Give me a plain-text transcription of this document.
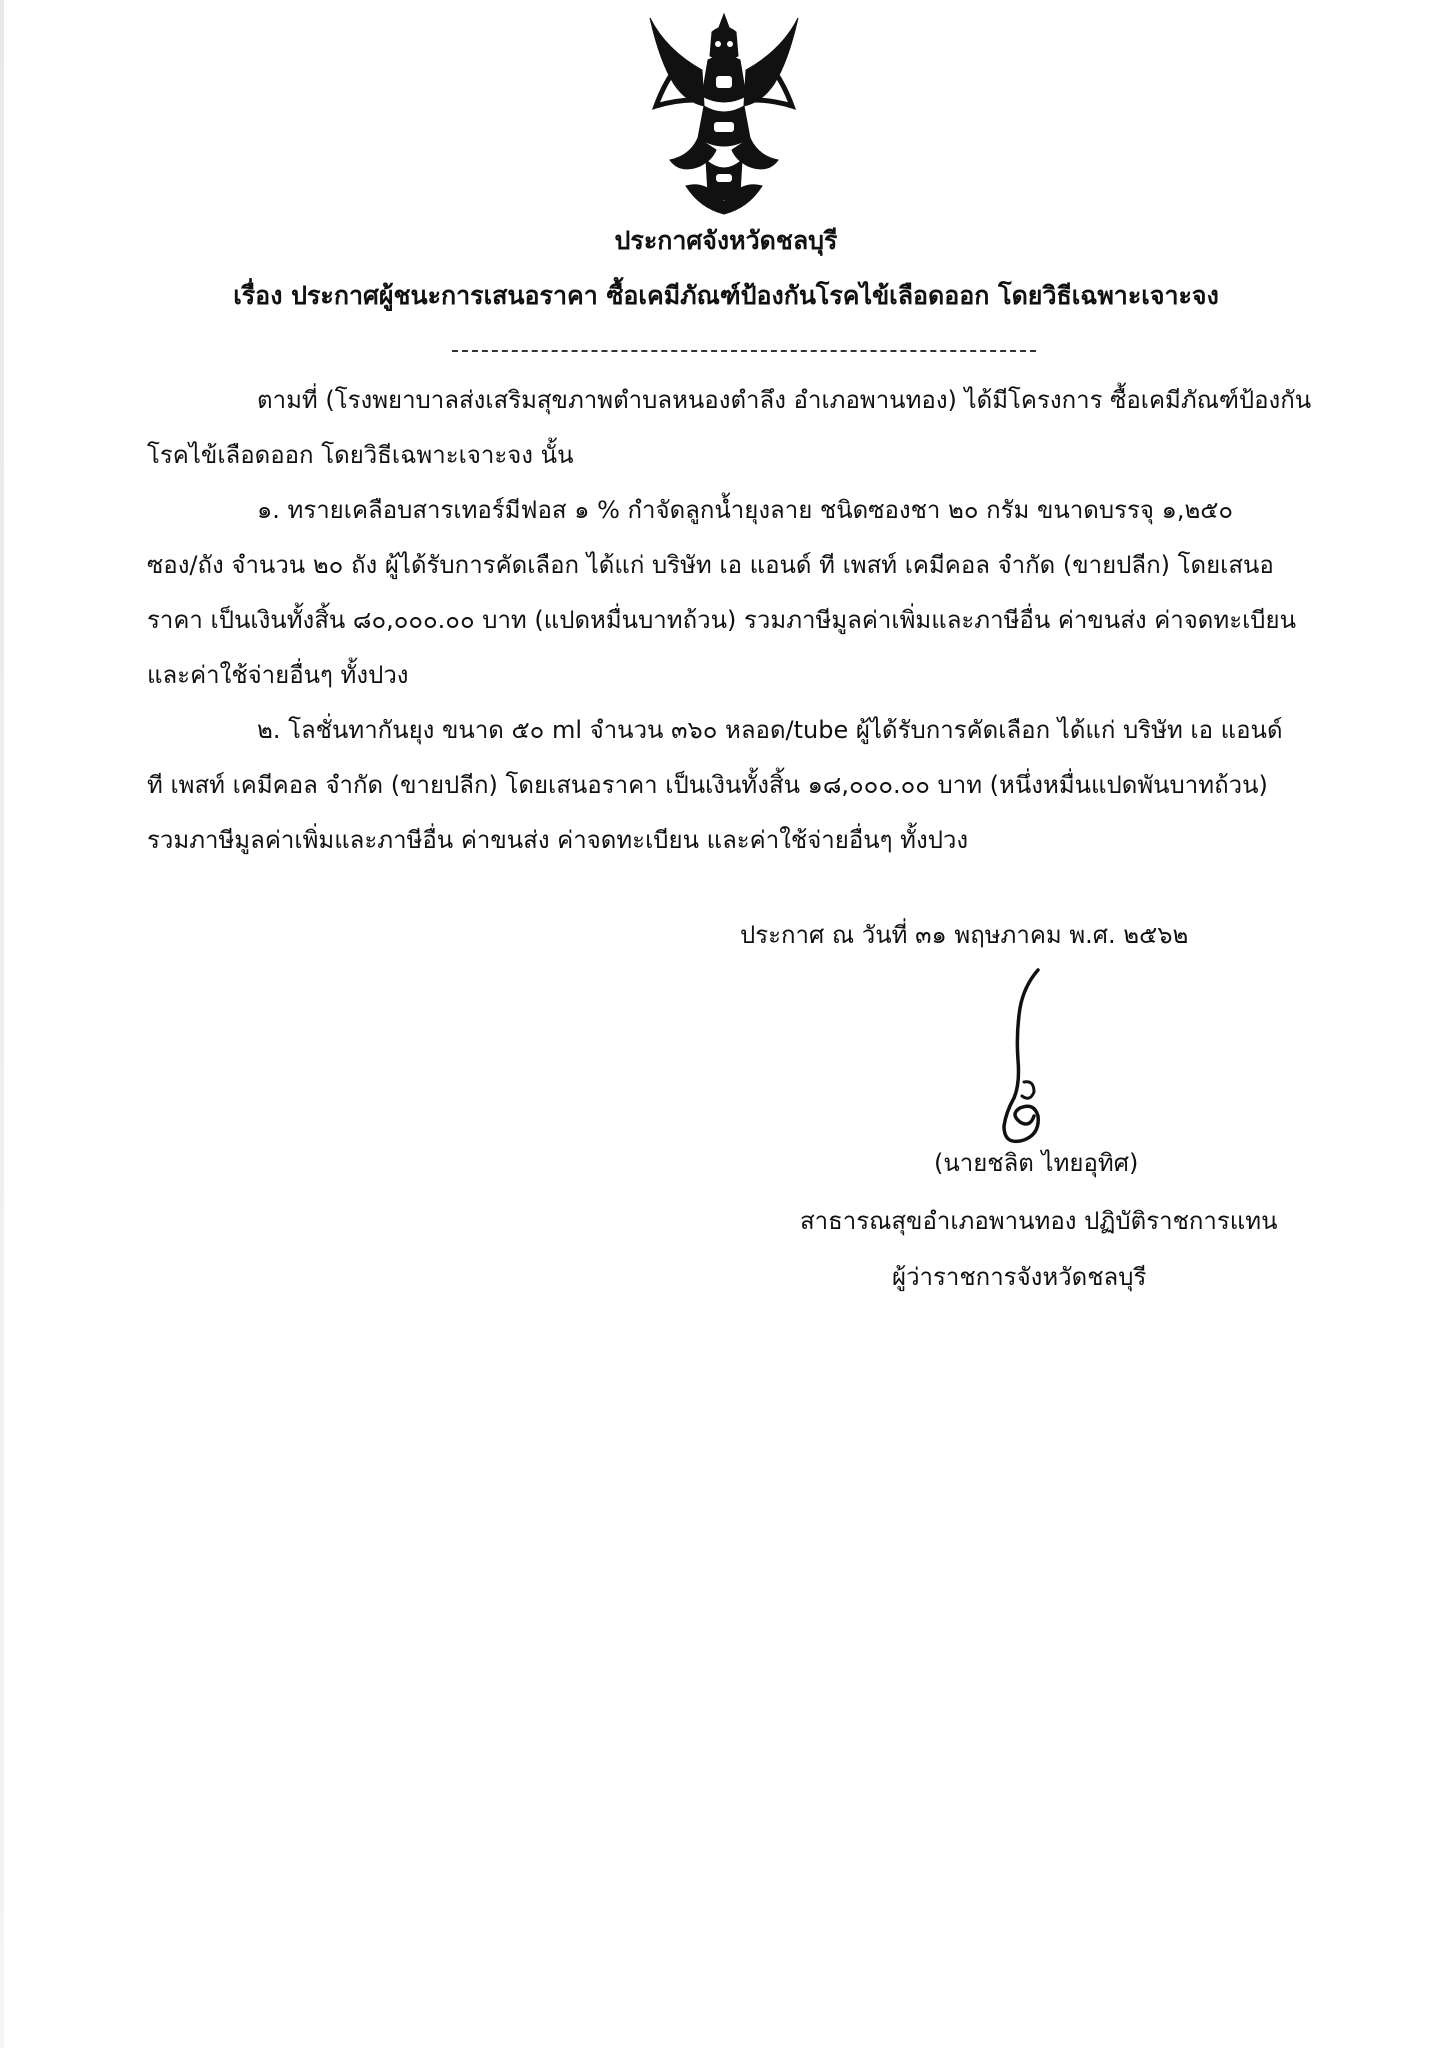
ประกาศจังหวัดชลบุรี
เรื่อง ประกาศผู้ชนะการเสนอราคา ซื้อเคมีภัณฑ์ป้องกันโรคไข้เลือดออก โดยวิธีเฉพาะเจาะจง
ตามที่ (โรงพยาบาลส่งเสริมสุขภาพตำบลหนองตำลึง อำเภอพานทอง) ได้มีโครงการ ซื้อเคมีภัณฑ์ป้องกัน
โรคไข้เลือดออก โดยวิธีเฉพาะเจาะจง นั้น
๑. ทรายเคลือบสารเทอร์มีฟอส ๑ % กำจัดลูกน้ำยุงลาย ชนิดซองชา ๒๐ กรัม ขนาดบรรจุ ๑,๒๕๐
ซอง/ถัง จำนวน ๒๐ ถัง ผู้ได้รับการคัดเลือก ได้แก่ บริษัท เอ แอนด์ ที เพสท์ เคมีคอล จำกัด (ขายปลีก) โดยเสนอ
ราคา เป็นเงินทั้งสิ้น ๘๐,๐๐๐.๐๐ บาท (แปดหมื่นบาทถ้วน) รวมภาษีมูลค่าเพิ่มและภาษีอื่น ค่าขนส่ง ค่าจดทะเบียน
และค่าใช้จ่ายอื่นๆ ทั้งปวง
๒. โลชั่นทากันยุง ขนาด ๕๐ ml จำนวน ๓๖๐ หลอด/tube ผู้ได้รับการคัดเลือก ได้แก่ บริษัท เอ แอนด์
ที เพสท์ เคมีคอล จำกัด (ขายปลีก) โดยเสนอราคา เป็นเงินทั้งสิ้น ๑๘,๐๐๐.๐๐ บาท (หนึ่งหมื่นแปดพันบาทถ้วน)
รวมภาษีมูลค่าเพิ่มและภาษีอื่น ค่าขนส่ง ค่าจดทะเบียน และค่าใช้จ่ายอื่นๆ ทั้งปวง
ประกาศ ณ วันที่ ๓๑ พฤษภาคม พ.ศ. ๒๕๖๒
(นายชลิต ไทยอุทิศ)
สาธารณสุขอำเภอพานทอง ปฏิบัติราชการแทน
ผู้ว่าราชการจังหวัดชลบุรี
